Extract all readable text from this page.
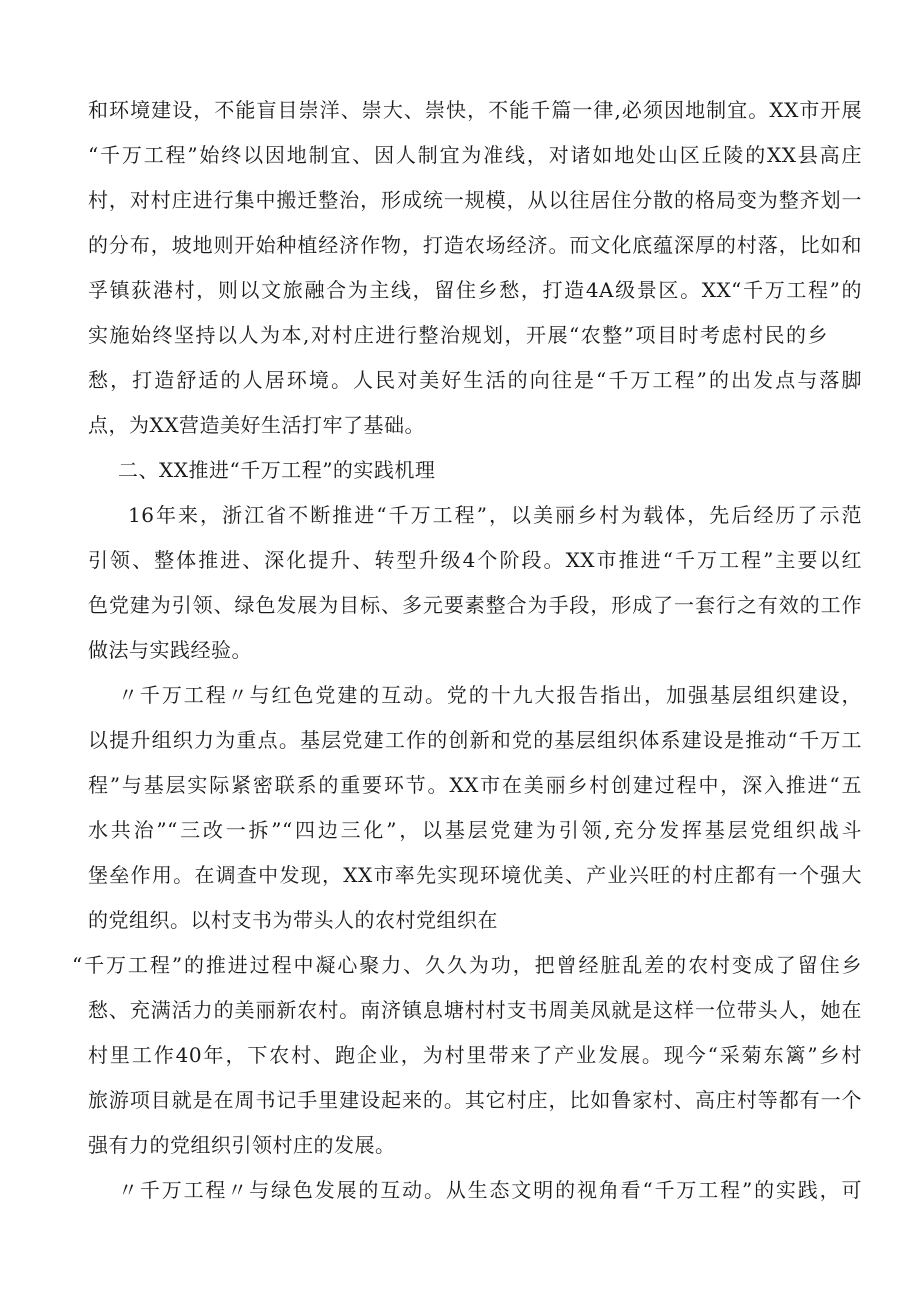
和环境建设，不能盲目崇洋、崇大、崇快，不能千篇一律,必须因地制宜。XX市开展
“千万工程”始终以因地制宜、因人制宜为准线，对诸如地处山区丘陵的XX县高庄
村，对村庄进行集中搬迁整治，形成统一规模，从以往居住分散的格局变为整齐划一
的分布，坡地则开始种植经济作物，打造农场经济。而文化底蕴深厚的村落，比如和
孚镇荻港村，则以文旅融合为主线，留住乡愁，打造4A级景区。XX“千万工程”的
实施始终坚持以人为本,对村庄进行整治规划，开展“农整”项目时考虑村民的乡
愁，打造舒适的人居环境。人民对美好生活的向往是“千万工程”的出发点与落脚
点，为XX营造美好生活打牢了基础。
二、XX推进“千万工程”的实践机理
16年来，浙江省不断推进“千万工程”，以美丽乡村为载体，先后经历了示范
引领、整体推进、深化提升、转型升级4个阶段。XX市推进“千万工程”主要以红
色党建为引领、绿色发展为目标、多元要素整合为手段，形成了一套行之有效的工作
做法与实践经验。
〃千万工程〃与红色党建的互动。党的十九大报告指出，加强基层组织建设，
以提升组织力为重点。基层党建工作的创新和党的基层组织体系建设是推动“千万工
程”与基层实际紧密联系的重要环节。XX市在美丽乡村创建过程中，深入推进“五
水共治”“三改一拆”“四边三化”，以基层党建为引领,充分发挥基层党组织战斗
堡垒作用。在调查中发现，XX市率先实现环境优美、产业兴旺的村庄都有一个强大
的党组织。以村支书为带头人的农村党组织在
“千万工程”的推进过程中凝心聚力、久久为功，把曾经脏乱差的农村变成了留住乡
愁、充满活力的美丽新农村。南济镇息塘村村支书周美凤就是这样一位带头人，她在
村里工作40年，下农村、跑企业，为村里带来了产业发展。现今“采菊东篱”乡村
旅游项目就是在周书记手里建设起来的。其它村庄，比如鲁家村、高庄村等都有一个
强有力的党组织引领村庄的发展。
〃千万工程〃与绿色发展的互动。从生态文明的视角看“千万工程”的实践，可
